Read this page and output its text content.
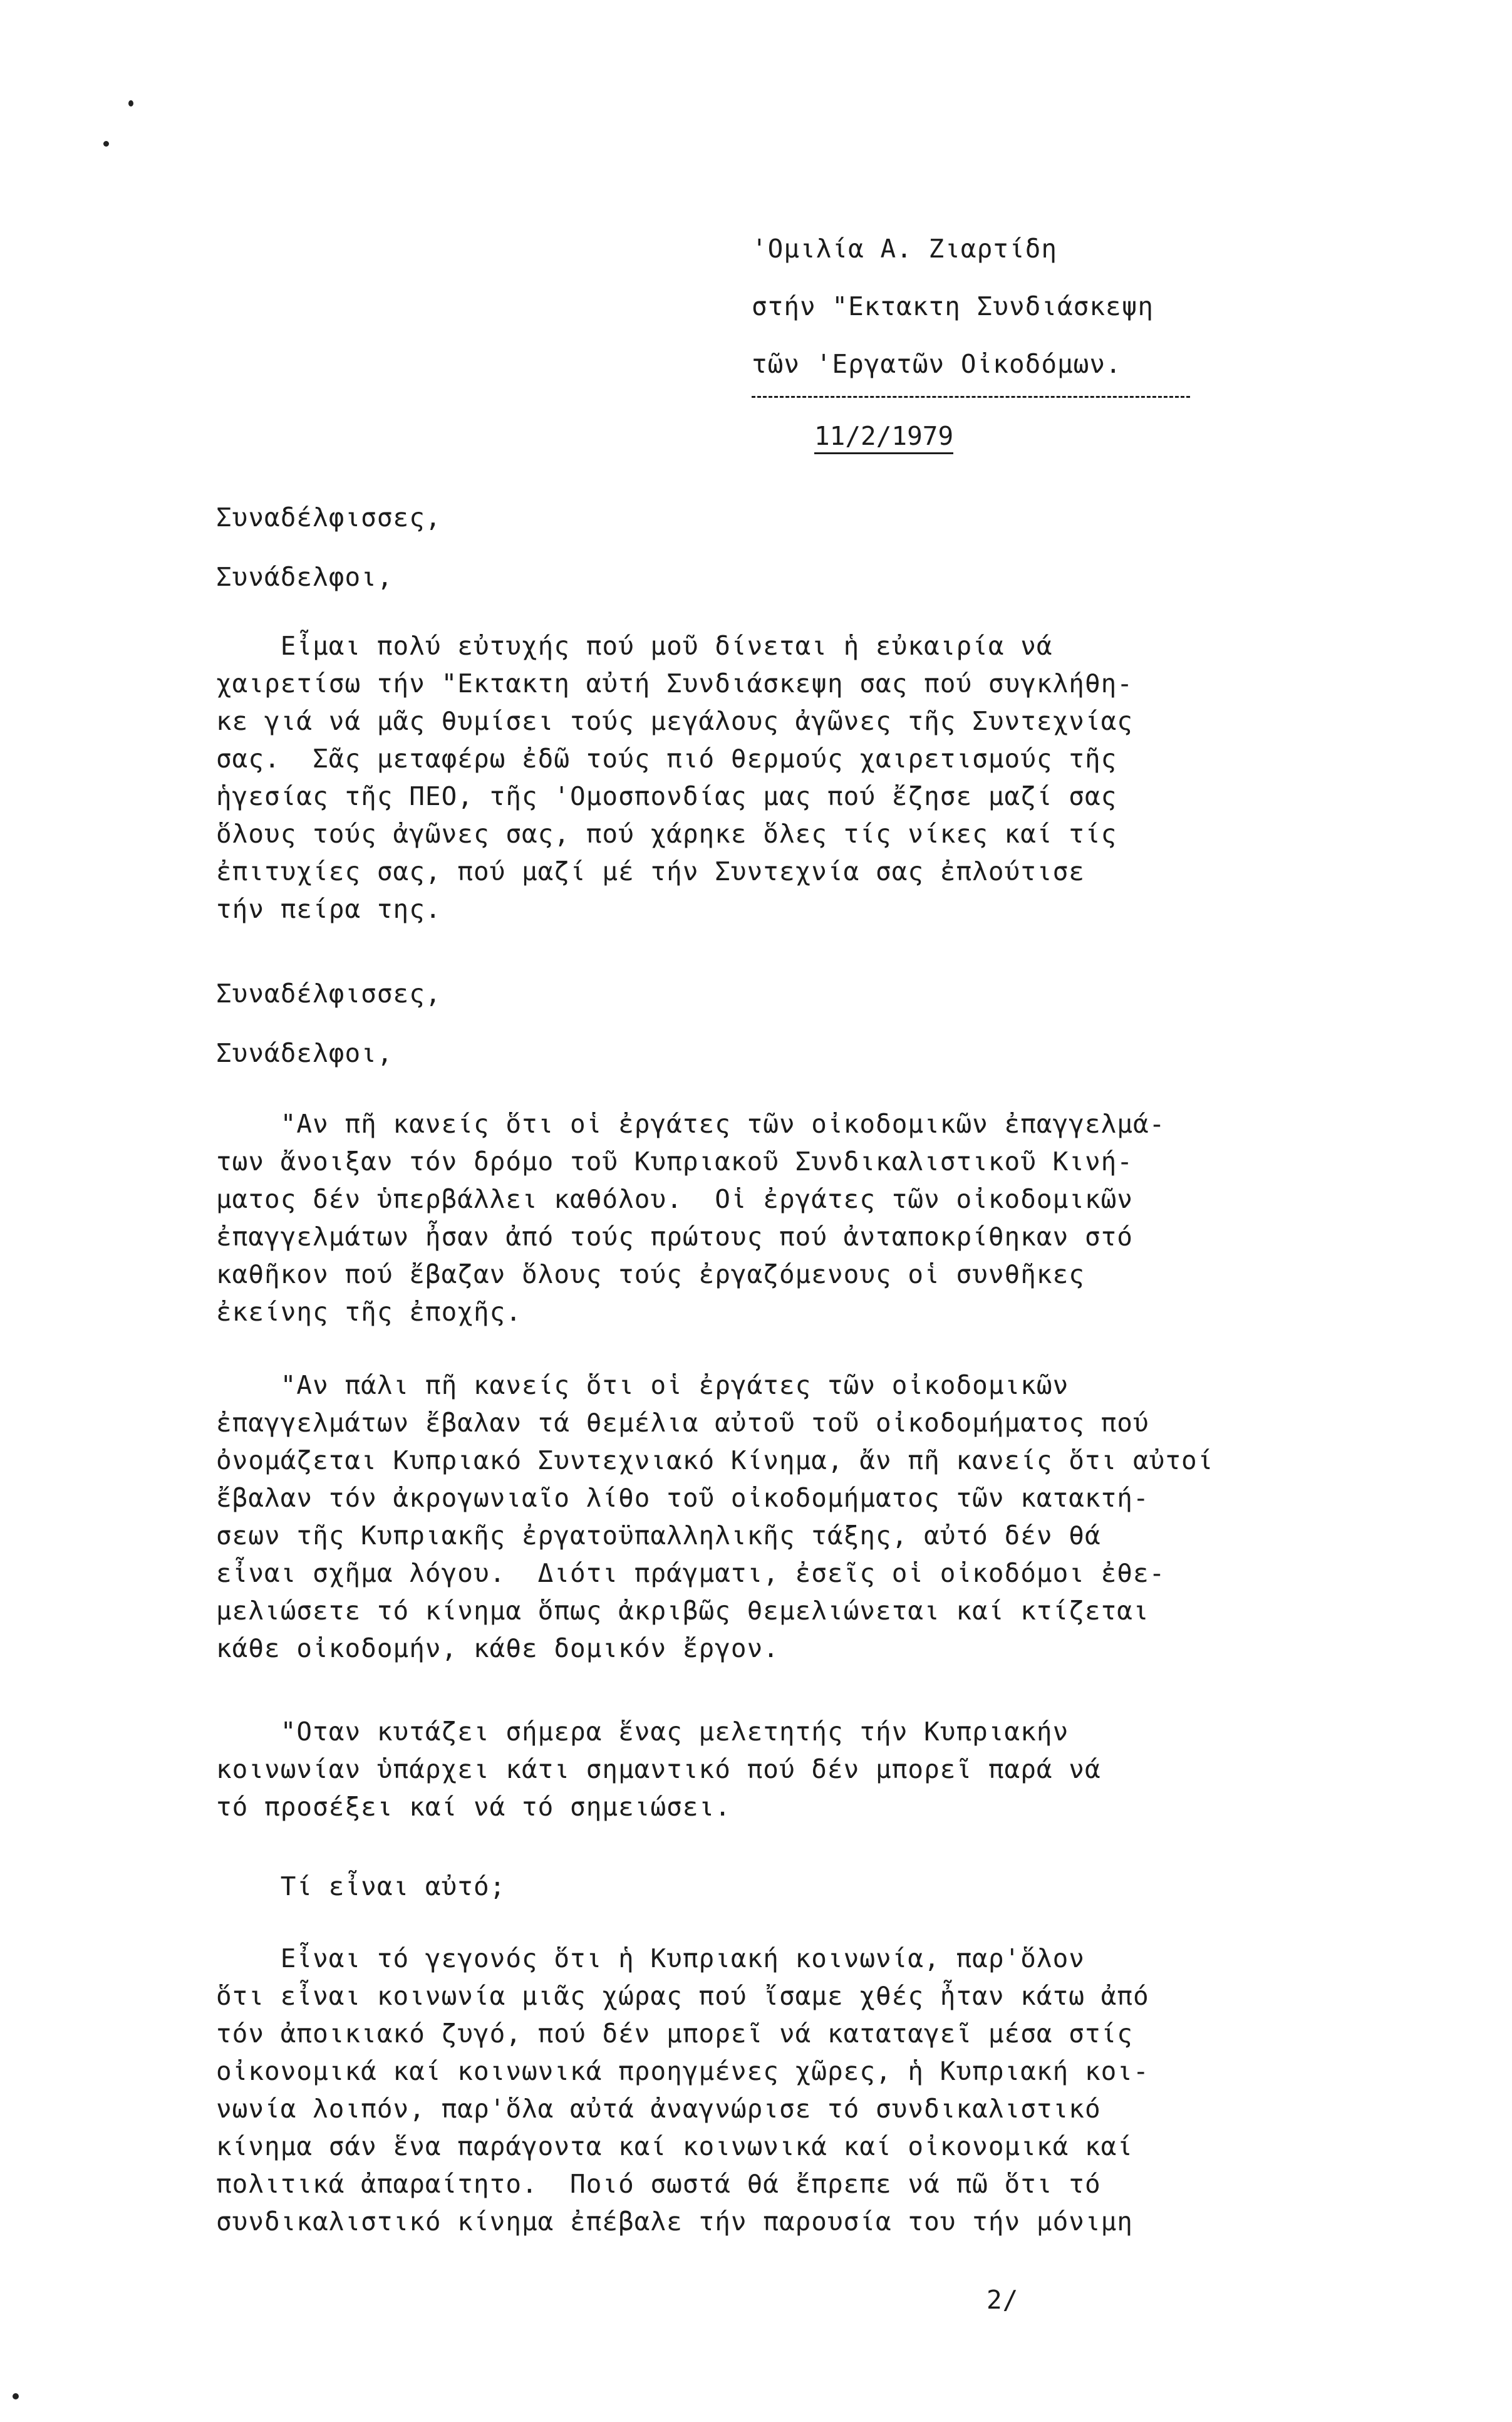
'Ομιλία Α. Ζιαρτίδη
στήν "Εκτακτη Συνδιάσκεψη
τῶν 'Εργατῶν Οἰκοδόμων.
11/2/1979
Συναδέλφισσες,
Συνάδελφοι,
Εἶμαι πολύ εὐτυχής πού μοῦ δίνεται ἡ εὐκαιρία νά
χαιρετίσω τήν "Εκτακτη αὐτή Συνδιάσκεψη σας πού συγκλήθη-
κε γιά νά μᾶς θυμίσει τούς μεγάλους ἀγῶνες τῆς Συντεχνίας
σας.  Σᾶς μεταφέρω ἐδῶ τούς πιό θερμούς χαιρετισμούς τῆς
ἡγεσίας τῆς ΠΕΟ, τῆς 'Ομοσπονδίας μας πού ἔζησε μαζί σας
ὅλους τούς ἀγῶνες σας, πού χάρηκε ὅλες τίς νίκες καί τίς
ἐπιτυχίες σας, πού μαζί μέ τήν Συντεχνία σας ἐπλούτισε
τήν πείρα της.
Συναδέλφισσες,
Συνάδελφοι,
"Αν πῆ κανείς ὅτι οἱ ἐργάτες τῶν οἰκοδομικῶν ἐπαγγελμά-
των ἄνοιξαν τόν δρόμο τοῦ Κυπριακοῦ Συνδικαλιστικοῦ Κινή-
ματος δέν ὑπερβάλλει καθόλου.  Οἱ ἐργάτες τῶν οἰκοδομικῶν
ἐπαγγελμάτων ἦσαν ἀπό τούς πρώτους πού ἀνταποκρίθηκαν στό
καθῆκον πού ἔβαζαν ὅλους τούς ἐργαζόμενους οἱ συνθῆκες
ἐκείνης τῆς ἐποχῆς.
"Αν πάλι πῆ κανείς ὅτι οἱ ἐργάτες τῶν οἰκοδομικῶν
ἐπαγγελμάτων ἔβαλαν τά θεμέλια αὐτοῦ τοῦ οἰκοδομήματος πού
ὀνομάζεται Κυπριακό Συντεχνιακό Κίνημα, ἄν πῆ κανείς ὅτι αὐτοί
ἔβαλαν τόν ἀκρογωνιαῖο λίθο τοῦ οἰκοδομήματος τῶν κατακτή-
σεων τῆς Κυπριακῆς ἐργατοϋπαλληλικῆς τάξης, αὐτό δέν θά
εἶναι σχῆμα λόγου.  Διότι πράγματι, ἐσεῖς οἱ οἰκοδόμοι ἐθε-
μελιώσετε τό κίνημα ὅπως ἀκριβῶς θεμελιώνεται καί κτίζεται
κάθε οἰκοδομήν, κάθε δομικόν ἔργον.
"Οταν κυτάζει σήμερα ἕνας μελετητής τήν Κυπριακήν
κοινωνίαν ὑπάρχει κάτι σημαντικό πού δέν μπορεῖ παρά νά
τό προσέξει καί νά τό σημειώσει.
Τί εἶναι αὐτό;
Εἶναι τό γεγονός ὅτι ἡ Κυπριακή κοινωνία, παρ'ὅλον
ὅτι εἶναι κοινωνία μιᾶς χώρας πού ἴσαμε χθές ἦταν κάτω ἀπό
τόν ἀποικιακό ζυγό, πού δέν μπορεῖ νά καταταγεῖ μέσα στίς
οἰκονομικά καί κοινωνικά προηγμένες χῶρες, ἡ Κυπριακή κοι-
νωνία λοιπόν, παρ'ὅλα αὐτά ἀναγνώρισε τό συνδικαλιστικό
κίνημα σάν ἕνα παράγοντα καί κοινωνικά καί οἰκονομικά καί
πολιτικά ἀπαραίτητο.  Ποιό σωστά θά ἔπρεπε νά πῶ ὅτι τό
συνδικαλιστικό κίνημα ἐπέβαλε τήν παρουσία του τήν μόνιμη
2/
